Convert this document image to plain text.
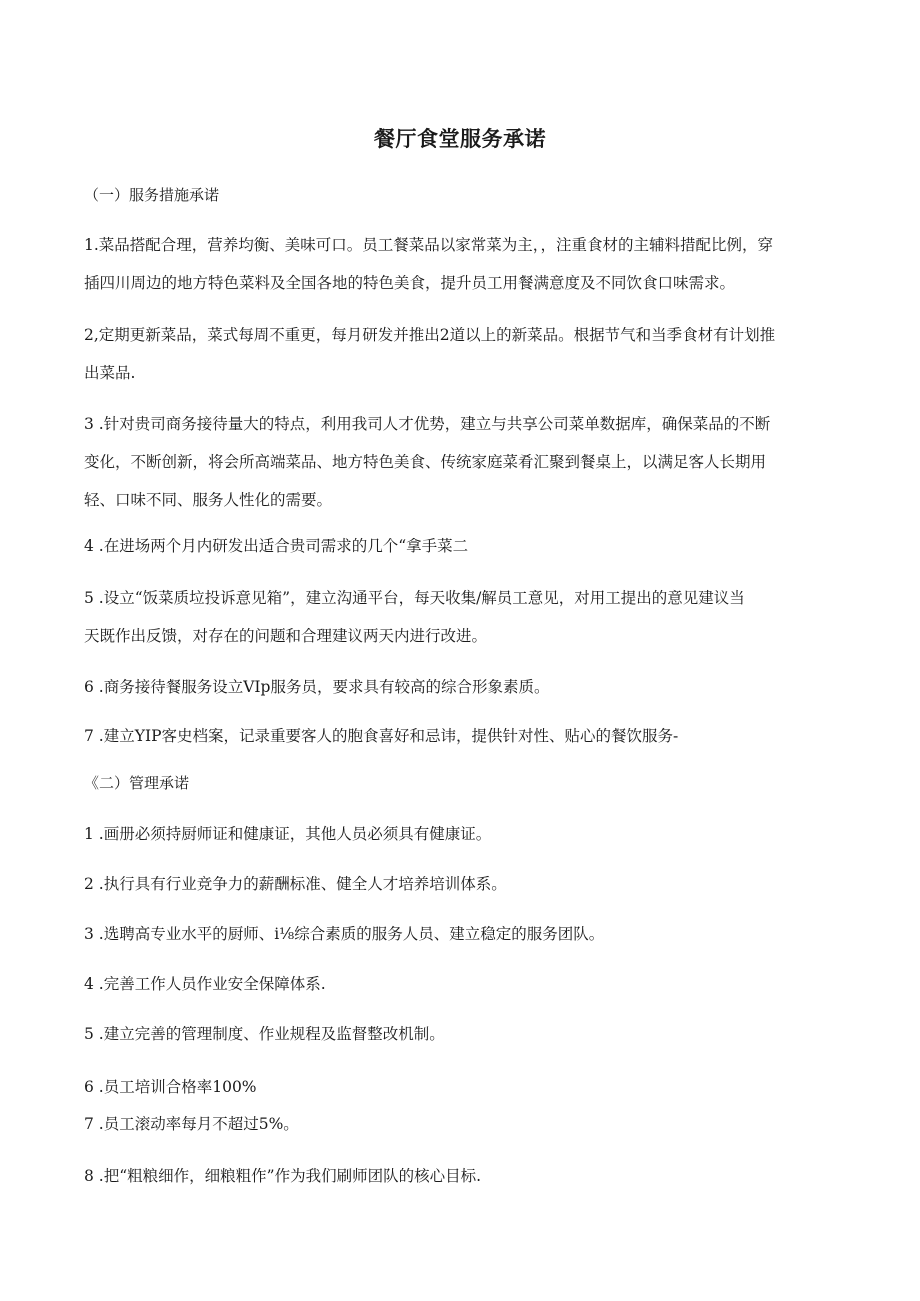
餐厅食堂服务承诺
（一）服务措施承诺
1.菜品搭配合理，营养均衡、美味可口。员工餐菜品以家常菜为主，，注重食材的主辅料措配比例，穿
插四川周边的地方特色菜料及全国各地的特色美食，提升员工用餐满意度及不同饮食口味需求。
2,定期更新菜品，菜式每周不重更，每月研发并推出2道以上的新菜品。根据节气和当季食材有计划推
出菜品.
3 .针对贵司商务接待量大的特点，利用我司人才优势，建立与共享公司菜单数据库，确保菜品的不断
变化，不断创新，将会所高端菜品、地方特色美食、传统家庭菜肴汇聚到餐桌上，以满足客人长期用
轻、口味不同、服务人性化的需要。
4 .在进场两个月内研发出适合贵司需求的几个“拿手菜二
5 .设立“饭菜质垃投诉意见箱”，建立沟通平台，每天收集/解员工意见，对用工提出的意见建议当
天既作出反馈，对存在的问题和合理建议两天内进行改进。
6 .商务接待餐服务设立VIp服务员，要求具有较高的综合形象素质。
7 .建立YIP客史档案，记录重要客人的胞食喜好和忌讳，提供针对性、贴心的餐饮服务-
《二）管理承诺
1 .画册必须持厨师证和健康证，其他人员必须具有健康证。
2 .执行具有行业竞争力的薪酬标准、健全人才培养培训体系。
3 .选聘高专业水平的厨师、i⅛综合素质的服务人员、建立稳定的服务团队。
4 .完善工作人员作业安全保障体系.
5 .建立完善的管理制度、作业规程及监督整改机制。
6 .员工培训合格率100%
7 .员工滚动率每月不超过5%。
8 .把“粗粮细作，细粮粗作”作为我们刷师团队的核心目标.
